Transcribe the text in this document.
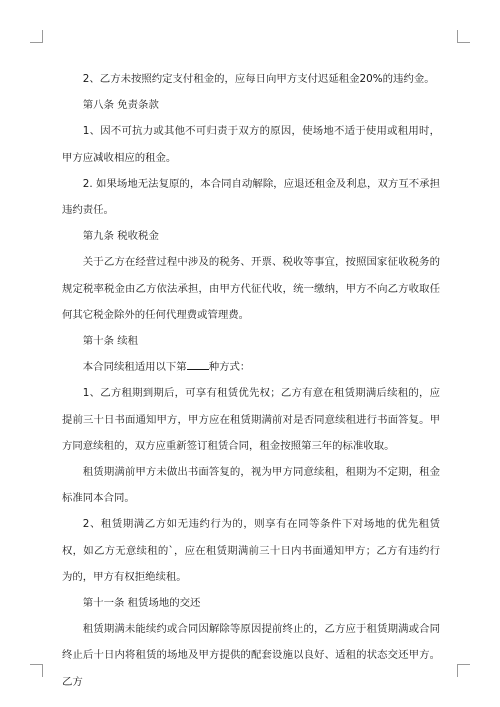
2、乙方未按照约定支付租金的，应每日向甲方支付迟延租金20%的违约金。

第八条 免责条款

1、因不可抗力或其他不可归责于双方的原因，使场地不适于使用或租用时，甲方应减收相应的租金。

2. 如果场地无法复原的，本合同自动解除，应退还租金及利息，双方互不承担违约责任。

第九条 税收税金

关于乙方在经营过程中涉及的税务、开票、税收等事宜，按照国家征收税务的规定税率税金由乙方依法承担，由甲方代征代收，统一缴纳，甲方不向乙方收取任何其它税金除外的任何代理费或管理费。

第十条 续租

本合同续租适用以下第 种方式：

1、乙方租期到期后，可享有租赁优先权；乙方有意在租赁期满后续租的，应提前三十日书面通知甲方，甲方应在租赁期满前对是否同意续租进行书面答复。甲方同意续租的，双方应重新签订租赁合同，租金按照第三年的标准收取。

租赁期满前甲方未做出书面答复的，视为甲方同意续租，租期为不定期，租金标准同本合同。

2、租赁期满乙方如无违约行为的，则享有在同等条件下对场地的优先租赁权，如乙方无意续租的`，应在租赁期满前三十日内书面通知甲方；乙方有违约行为的，甲方有权拒绝续租。

第十一条 租赁场地的交还

租赁期满未能续约或合同因解除等原因提前终止的，乙方应于租赁期满或合同终止后十日内将租赁的场地及甲方提供的配套设施以良好、适租的状态交还甲方。乙方
